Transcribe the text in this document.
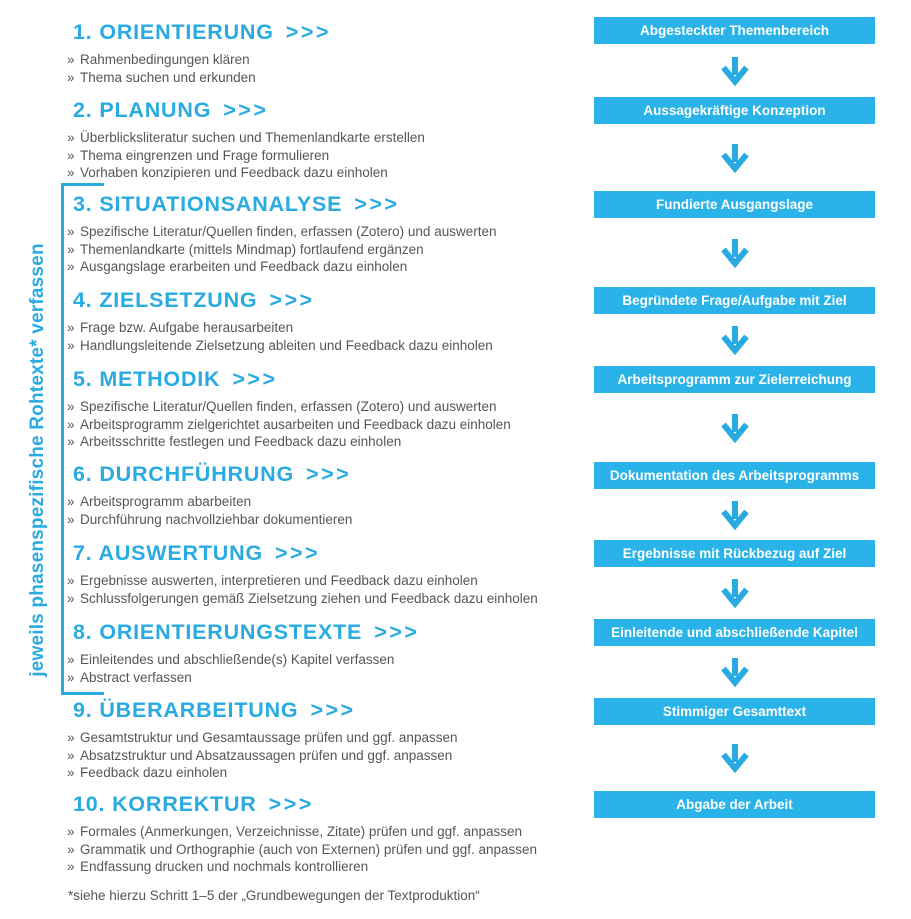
jeweils phasenspezifische Rohtexte* verfassen
1. ORIENTIERUNG >>>
» Rahmenbedingungen klären
» Thema suchen und erkunden
2. PLANUNG >>>
» Überblicksliteratur suchen und Themenlandkarte erstellen
» Thema eingrenzen und Frage formulieren
» Vorhaben konzipieren und Feedback dazu einholen
3. SITUATIONSANALYSE >>>
» Spezifische Literatur/Quellen finden, erfassen (Zotero) und auswerten
» Themenlandkarte (mittels Mindmap) fortlaufend ergänzen
» Ausgangslage erarbeiten und Feedback dazu einholen
4. ZIELSETZUNG >>>
» Frage bzw. Aufgabe herausarbeiten
» Handlungsleitende Zielsetzung ableiten und Feedback dazu einholen
5. METHODIK >>>
» Spezifische Literatur/Quellen finden, erfassen (Zotero) und auswerten
» Arbeitsprogramm zielgerichtet ausarbeiten und Feedback dazu einholen
» Arbeitsschritte festlegen und Feedback dazu einholen
6. DURCHFÜHRUNG >>>
» Arbeitsprogramm abarbeiten
» Durchführung nachvollziehbar dokumentieren
7. AUSWERTUNG >>>
» Ergebnisse auswerten, interpretieren und Feedback dazu einholen
» Schlussfolgerungen gemäß Zielsetzung ziehen und Feedback dazu einholen
8. ORIENTIERUNGSTEXTE >>>
» Einleitendes und abschließende(s) Kapitel verfassen
» Abstract verfassen
9. ÜBERARBEITUNG >>>
» Gesamtstruktur und Gesamtaussage prüfen und ggf. anpassen
» Absatzstruktur und Absatzaussagen prüfen und ggf. anpassen
» Feedback dazu einholen
10. KORREKTUR >>>
» Formales (Anmerkungen, Verzeichnisse, Zitate) prüfen und ggf. anpassen
» Grammatik und Orthographie (auch von Externen) prüfen und ggf. anpassen
» Endfassung drucken und nochmals kontrollieren
*siehe hierzu Schritt 1–5 der „Grundbewegungen der Textproduktion“
Abgesteckter Themenbereich
Aussagekräftige Konzeption
Fundierte Ausgangslage
Begründete Frage/Aufgabe mit Ziel
Arbeitsprogramm zur Zielerreichung
Dokumentation des Arbeitsprogramms
Ergebnisse mit Rückbezug auf Ziel
Einleitende und abschließende Kapitel
Stimmiger Gesamttext
Abgabe der Arbeit
